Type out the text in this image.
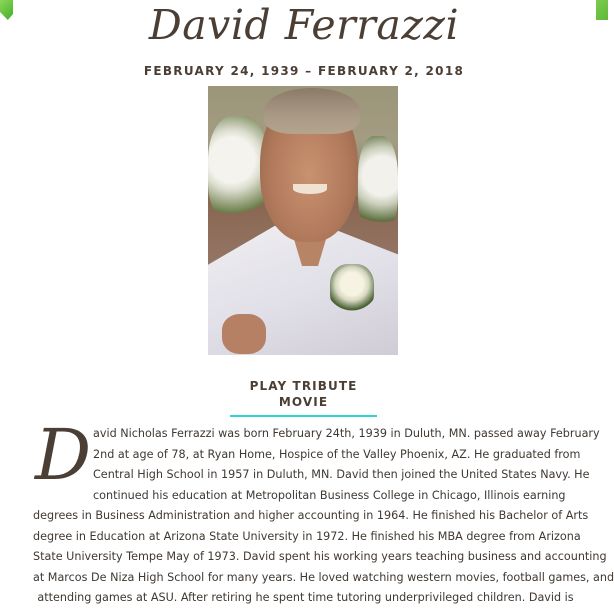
David Ferrazzi
FEBRUARY 24, 1939 – FEBRUARY 2, 2018
PLAY TRIBUTE MOVIE
D avid Nicholas Ferrazzi was born February 24th, 1939 in Duluth, MN. passed away February
2nd at age of 78, at Ryan Home, Hospice of the Valley Phoenix, AZ. He graduated from
Central High School in 1957 in Duluth, MN. David then joined the United States Navy. He
continued his education at Metropolitan Business College in Chicago, Illinois earning
degrees in Business Administration and higher accounting in 1964. He finished his Bachelor of Arts
degree in Education at Arizona State University in 1972. He finished his MBA degree from Arizona
State University Tempe May of 1973. David spent his working years teaching business and accounting
at Marcos De Niza High School for many years. He loved watching western movies, football games, and
attending games at ASU. After retiring he spent time tutoring underprivileged children. David is
